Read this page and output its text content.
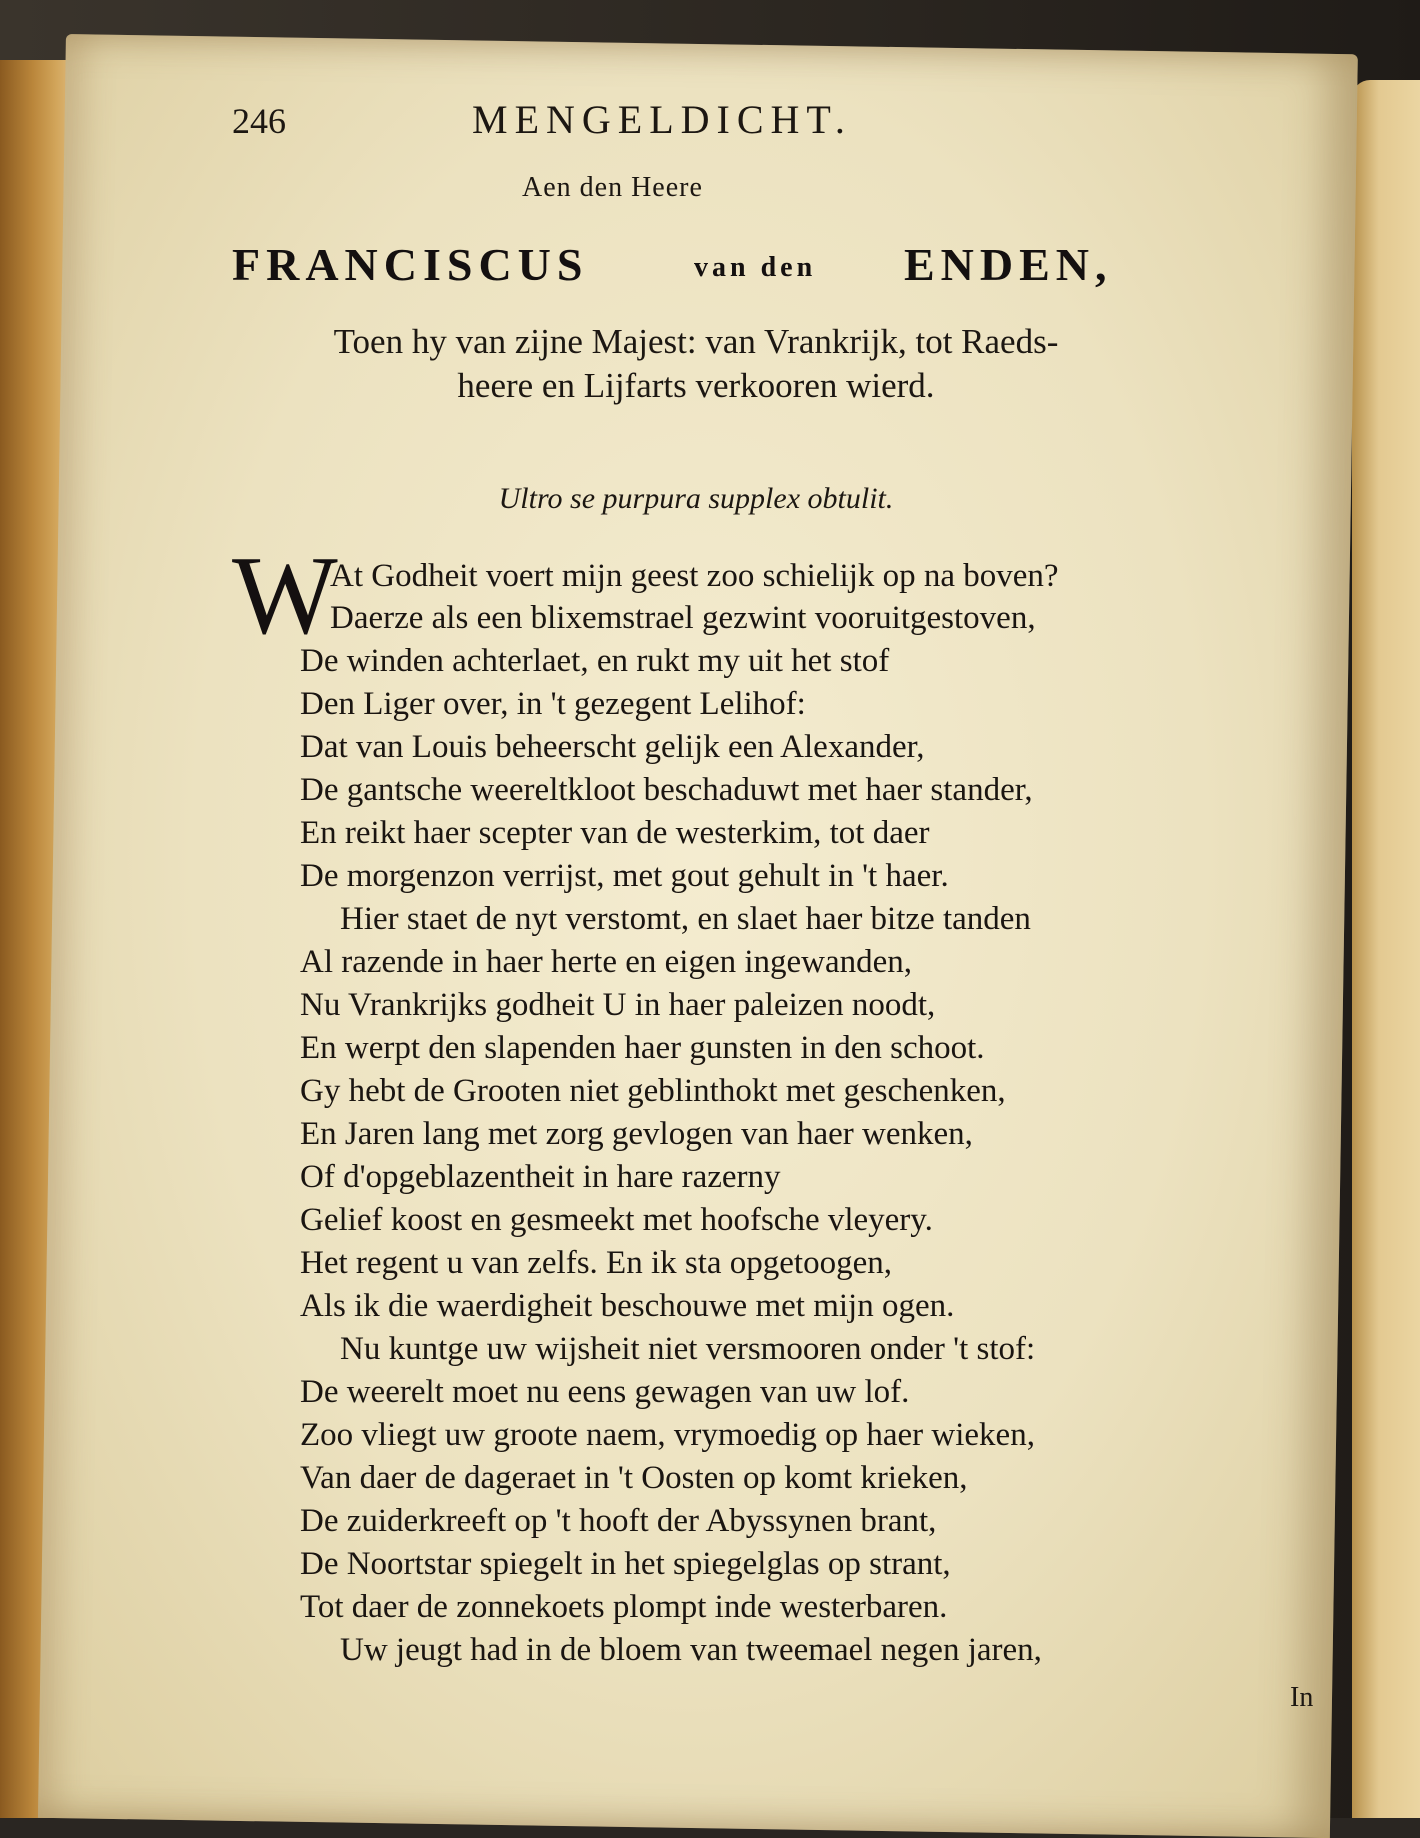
246	MENGELDICHT.
Aen den Heere
FRANCISCUS	van den ENDEN,
Toen hy van zijne Majest: van Vrankrijk, tot Raeds-
heere en Lijfarts verkooren wierd.
Ultro se purpura supplex obtulit.
W
At Godheit voert mijn geest zoo schielijk op na boven?
Daerze als een blixemstrael gezwint vooruitgestoven,
De winden achterlaet, en rukt my uit het stof
Den Liger over, in 't gezegent Lelihof:
Dat van Louis beheerscht gelijk een Alexander,
De gantsche weereltkloot beschaduwt met haer stander,
En reikt haer scepter van de westerkim, tot daer
De morgenzon verrijst, met gout gehult in 't haer.
Hier staet de nyt verstomt, en slaet haer bitze tanden
Al razende in haer herte en eigen ingewanden,
Nu Vrankrijks godheit U in haer paleizen noodt,
En werpt den slapenden haer gunsten in den schoot.
Gy hebt de Grooten niet geblinthokt met geschenken,
En Jaren lang met zorg gevlogen van haer wenken,
Of d'opgeblazentheit in hare razerny
Gelief koost en gesmeekt met hoofsche vleyery.
Het regent u van zelfs. En ik sta opgetoogen,
Als ik die waerdigheit beschouwe met mijn ogen.
Nu kuntge uw wijsheit niet versmooren onder 't stof:
De weerelt moet nu eens gewagen van uw lof.
Zoo vliegt uw groote naem, vrymoedig op haer wieken,
Van daer de dageraet in 't Oosten op komt krieken,
De zuiderkreeft op 't hooft der Abyssynen brant,
De Noortstar spiegelt in het spiegelglas op strant,
Tot daer de zonnekoets plompt inde westerbaren.
Uw jeugt had in de bloem van tweemael negen jaren,
In
